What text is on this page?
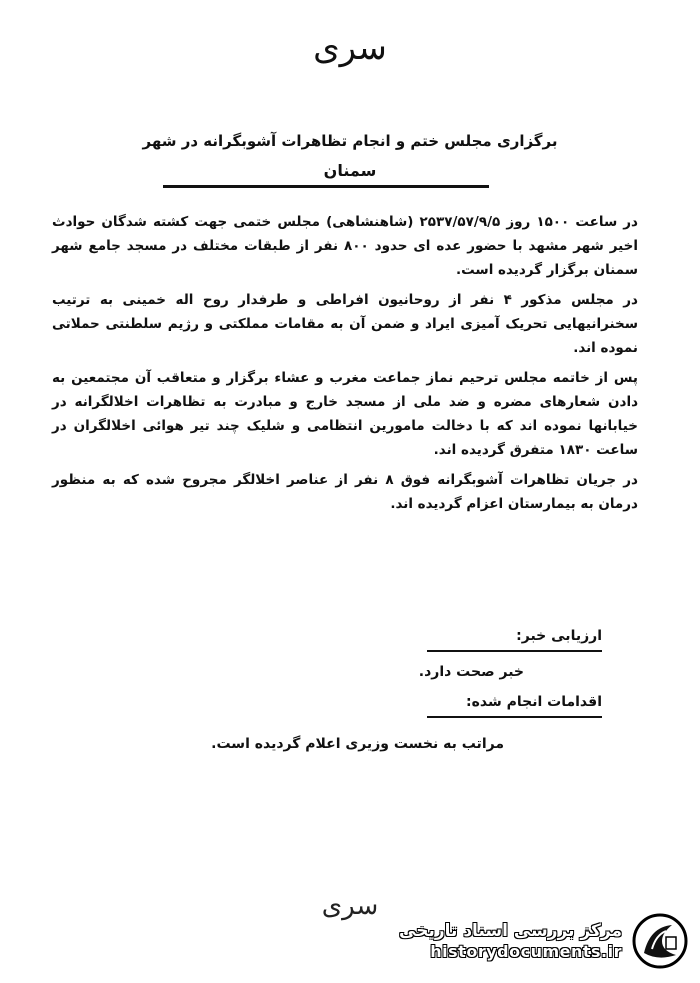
سری
برگزاری مجلس ختم و انجام تظاهرات آشوبگرانه در شهر
سمنان

در ساعت ۱۵۰۰ روز ۲۵۳۷/۵۷/۹/۵ (شاهنشاهی) مجلس ختمی جهت کشته شدگان حوادث اخیر شهر مشهد با حضور عده ای حدود ۸۰۰ نفر از طبقات مختلف در مسجد جامع شهر سمنان برگزار گردیده است.

در مجلس مذکور ۴ نفر از روحانیون افراطی و طرفدار روح اله خمینی به ترتیب سخنرانیهایی تحریک آمیزی ایراد و ضمن آن به مقامات مملکتی و رژیم سلطنتی حملاتی نموده اند.

پس از خاتمه مجلس ترحیم نماز جماعت مغرب و عشاء برگزار و متعاقب آن مجتمعین به دادن شعارهای مضره و ضد ملی از مسجد خارج و مبادرت به تظاهرات اخلالگرانه در خیابانها نموده اند که با دخالت مامورین انتظامی و شلیک چند تیر هوائی اخلالگران در ساعت ۱۸۳۰ متفرق گردیده اند.

در جریان تظاهرات آشوبگرانه فوق ۸ نفر از عناصر اخلالگر مجروح شده که به منظور درمان به بیمارستان اعزام گردیده اند.

ارزیابی خبر:
خبر صحت دارد.
اقدامات انجام شده:
مراتب به نخست وزیری اعلام گردیده است.
سری
مرکز بررسی اسناد تاریخی
historydocuments.ir
